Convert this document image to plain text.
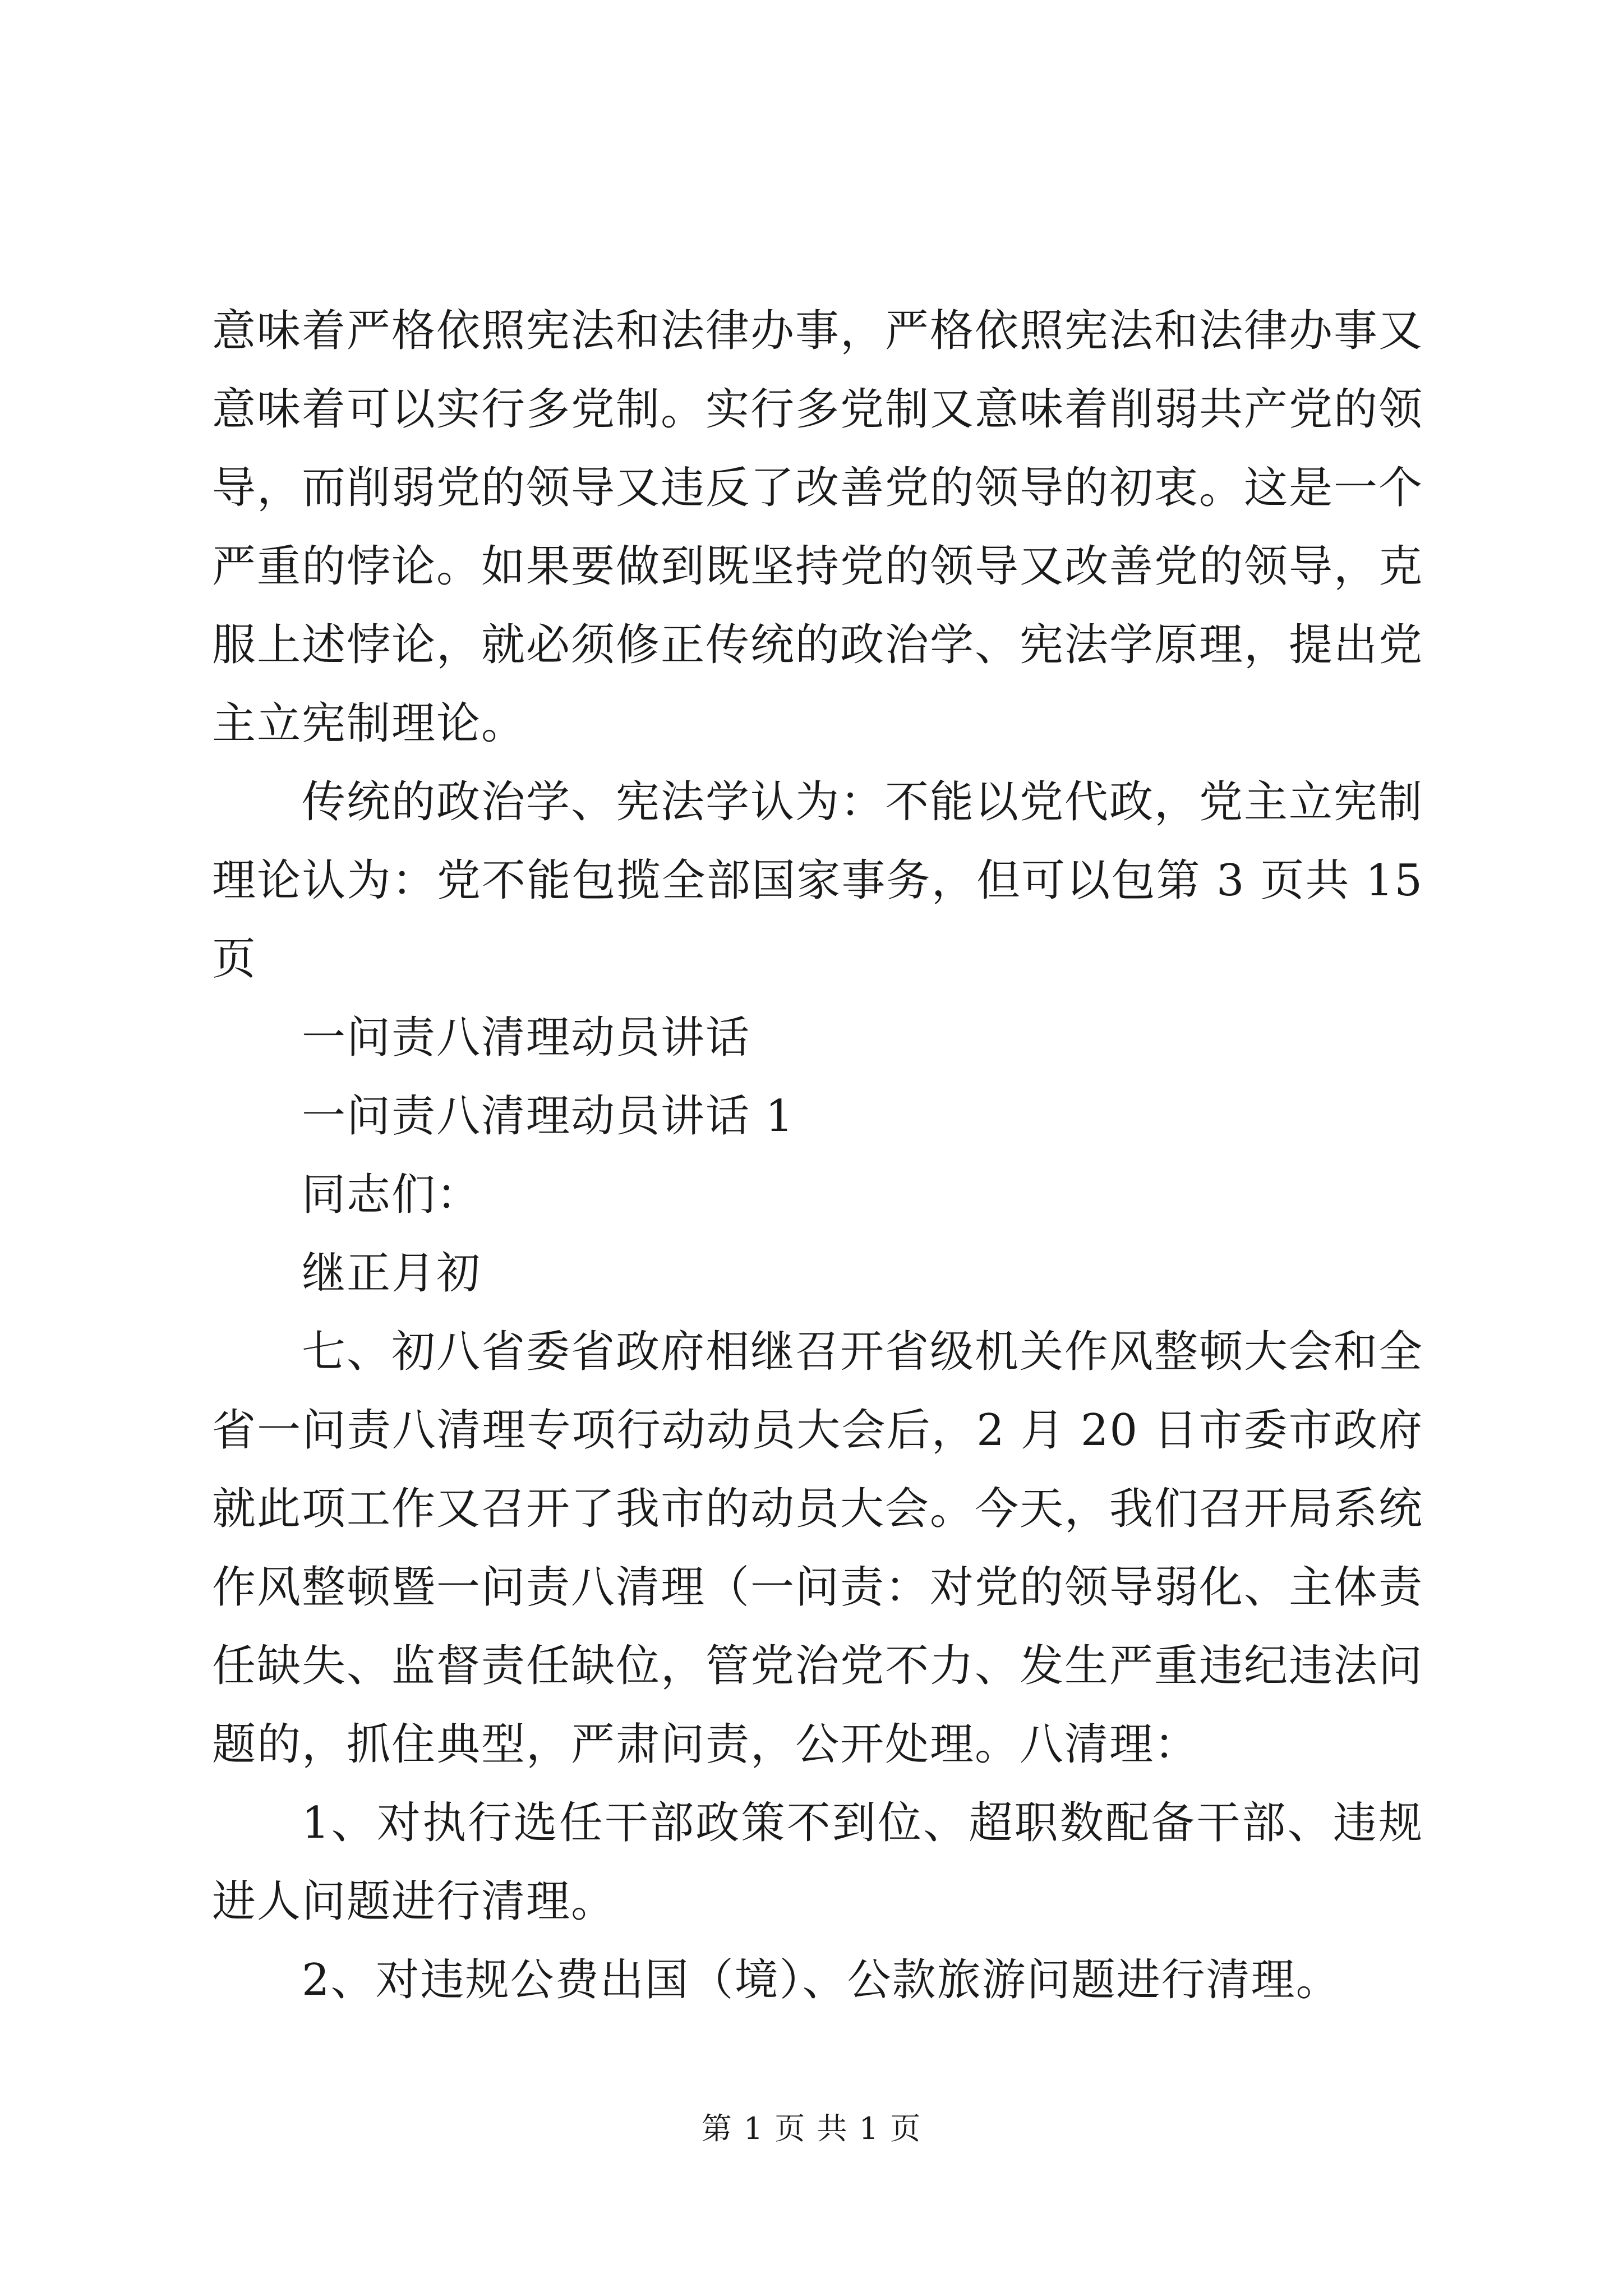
意味着严格依照宪法和法律办事，严格依照宪法和法律办事又意味着可以实行多党制。实行多党制又意味着削弱共产党的领导，而削弱党的领导又违反了改善党的领导的初衷。这是一个严重的悖论。如果要做到既坚持党的领导又改善党的领导，克服上述悖论，就必须修正传统的政治学、宪法学原理，提出党主立宪制理论。

传统的政治学、宪法学认为：不能以党代政，党主立宪制理论认为：党不能包揽全部国家事务，但可以包第 3 页共 15 页

一问责八清理动员讲话

一问责八清理动员讲话 1

同志们：

继正月初

七、初八省委省政府相继召开省级机关作风整顿大会和全省一问责八清理专项行动动员大会后，2 月 20 日市委市政府就此项工作又召开了我市的动员大会。今天，我们召开局系统作风整顿暨一问责八清理（一问责：对党的领导弱化、主体责任缺失、监督责任缺位，管党治党不力、发生严重违纪违法问题的，抓住典型，严肃问责，公开处理。八清理：

1、对执行选任干部政策不到位、超职数配备干部、违规进人问题进行清理。

2、对违规公费出国（境）、公款旅游问题进行清理。

第 1 页 共 1 页
